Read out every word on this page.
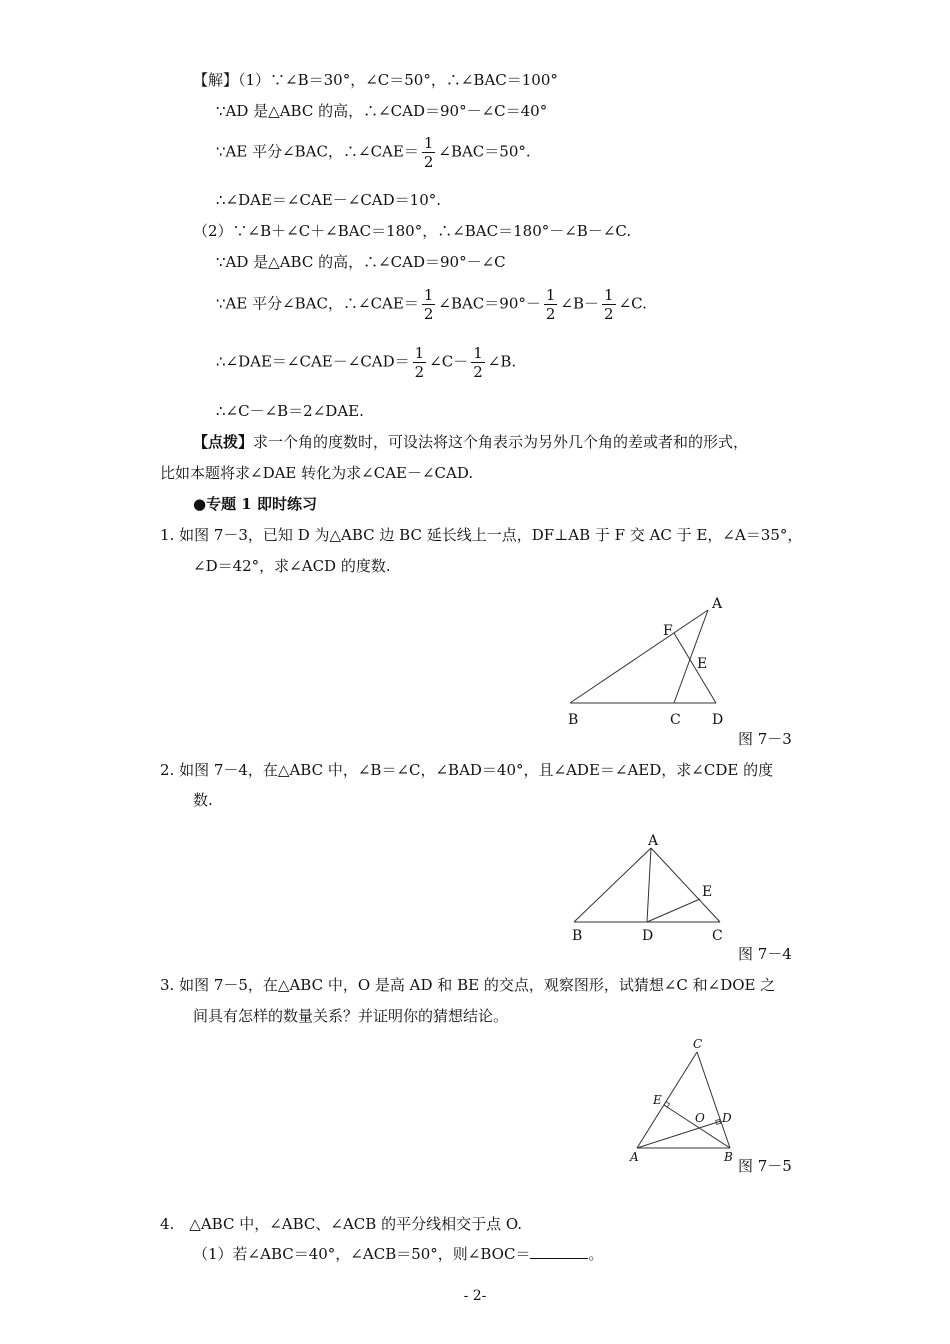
【解】（1）∵∠B＝30°，∠C＝50°，∴∠BAC＝100°
∵AD 是△ABC 的高，∴∠CAD＝90°－∠C＝40°
∵AE 平分∠BAC，∴∠CAE＝ $\frac{1}{2}$ ∠BAC＝50°.
∴∠DAE＝∠CAE－∠CAD＝10°.
（2）∵∠B＋∠C＋∠BAC＝180°，∴∠BAC＝180°－∠B－∠C.
∵AD 是△ABC 的高，∴∠CAD＝90°－∠C
∵AE 平分∠BAC，∴∠CAE＝ $\frac{1}{2}$ ∠BAC＝90°－ $\frac{1}{2}$ ∠B－ $\frac{1}{2}$ ∠C.
∴∠DAE＝∠CAE－∠CAD＝ $\frac{1}{2}$ ∠C－ $\frac{1}{2}$ ∠B.
∴∠C－∠B＝2∠DAE.
【点拨】求一个角的度数时，可设法将这个角表示为另外几个角的差或者和的形式，
比如本题将求∠DAE 转化为求∠CAE－∠CAD.
●专题 1 即时练习
1. 如图 7－3，已知 D 为△ABC 边 BC 延长线上一点，DF⊥AB 于 F 交 AC 于 E，∠A＝35°，
∠D＝42°，求∠ACD 的度数.
A
F
E
B	C D
图 7－3
2. 如图 7－4，在△ABC 中，∠B＝∠C，∠BAD＝40°，且∠ADE＝∠AED，求∠CDE 的度
数.
A
E
B	D	C
图 7－4
3. 如图 7－5，在△ABC 中，O 是高 AD 和 BE 的交点，观察图形，试猜想∠C 和∠DOE 之
间具有怎样的数量关系？并证明你的猜想结论。
C
E
O D
A	B 图 7－5
4.　△ABC 中，∠ABC、∠ACB 的平分线相交于点 O.
（1）若∠ABC＝40°，∠ACB＝50°，则∠BOC＝	。
- 2-
